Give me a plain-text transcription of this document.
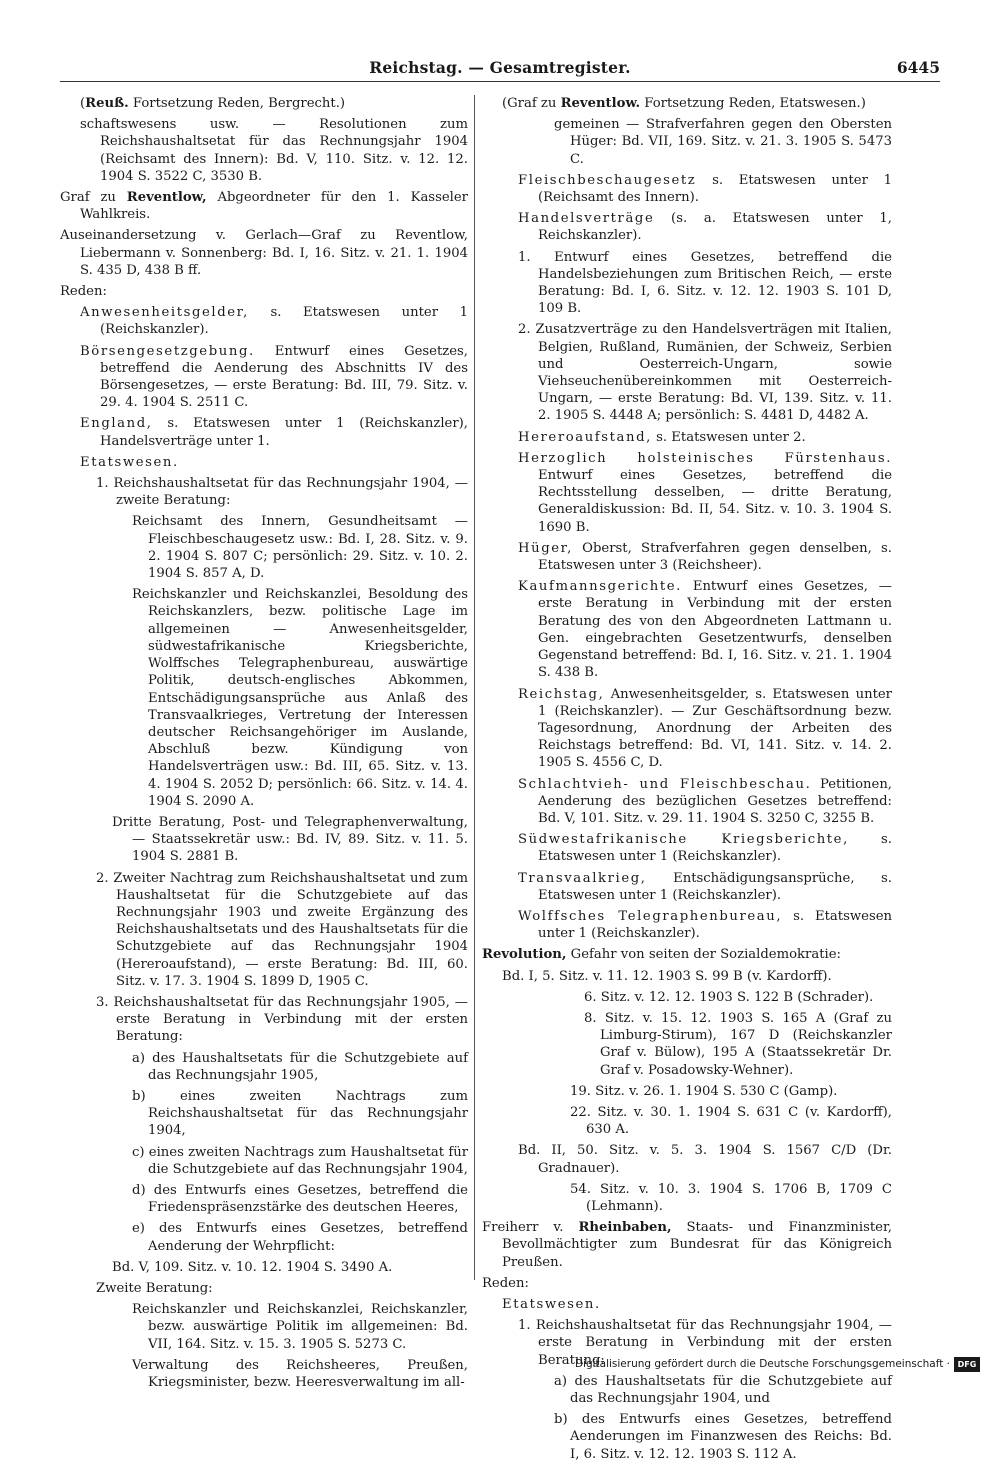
Reichstag. — Gesamtregister.	6445
(Reuß. Fortsetzung Reden, Bergrecht.)
schaftswesens usw. — Resolutionen zum Reichshaushaltsetat für das Rechnungsjahr 1904 (Reichsamt des Innern): Bd. V, 110. Sitz. v. 12. 12. 1904 S. 3522 C, 3530 B.
Graf zu Reventlow, Abgeordneter für den 1. Kasseler Wahlkreis.
Auseinandersetzung v. Gerlach—Graf zu Reventlow, Liebermann v. Sonnenberg: Bd. I, 16. Sitz. v. 21. 1. 1904 S. 435 D, 438 B ff.
Reden:
Anwesenheitsgelder, s. Etatswesen unter 1 (Reichskanzler).
Börsengesetzgebung. Entwurf eines Gesetzes, betreffend die Aenderung des Abschnitts IV des Börsengesetzes, — erste Beratung: Bd. III, 79. Sitz. v. 29. 4. 1904 S. 2511 C.
England, s. Etatswesen unter 1 (Reichskanzler), Handelsverträge unter 1.
Etatswesen.
1. Reichshaushaltsetat für das Rechnungsjahr 1904, — zweite Beratung:
Reichsamt des Innern, Gesundheitsamt — Fleischbeschaugesetz usw.: Bd. I, 28. Sitz. v. 9. 2. 1904 S. 807 C; persönlich: 29. Sitz. v. 10. 2. 1904 S. 857 A, D.
Reichskanzler und Reichskanzlei, Besoldung des Reichskanzlers, bezw. politische Lage im allgemeinen — Anwesenheitsgelder, südwestafrikanische Kriegsberichte, Wolffsches Telegraphenbureau, auswärtige Politik, deutsch-englisches Abkommen, Entschädigungsansprüche aus Anlaß des Transvaalkrieges, Vertretung der Interessen deutscher Reichsangehöriger im Auslande, Abschluß bezw. Kündigung von Handelsverträgen usw.: Bd. III, 65. Sitz. v. 13. 4. 1904 S. 2052 D; persönlich: 66. Sitz. v. 14. 4. 1904 S. 2090 A.
Dritte Beratung, Post- und Telegraphenverwaltung, — Staatssekretär usw.: Bd. IV, 89. Sitz. v. 11. 5. 1904 S. 2881 B.
2. Zweiter Nachtrag zum Reichshaushaltsetat und zum Haushaltsetat für die Schutzgebiete auf das Rechnungsjahr 1903 und zweite Ergänzung des Reichshaushaltsetats und des Haushaltsetats für die Schutzgebiete auf das Rechnungsjahr 1904 (Hereroaufstand), — erste Beratung: Bd. III, 60. Sitz. v. 17. 3. 1904 S. 1899 D, 1905 C.
3. Reichshaushaltsetat für das Rechnungsjahr 1905, — erste Beratung in Verbindung mit der ersten Beratung:
a) des Haushaltsetats für die Schutzgebiete auf das Rechnungsjahr 1905,
b) eines zweiten Nachtrags zum Reichshaushaltsetat für das Rechnungsjahr 1904,
c) eines zweiten Nachtrags zum Haushaltsetat für die Schutzgebiete auf das Rechnungsjahr 1904,
d) des Entwurfs eines Gesetzes, betreffend die Friedenspräsenzstärke des deutschen Heeres,
e) des Entwurfs eines Gesetzes, betreffend Aenderung der Wehrpflicht:
Bd. V, 109. Sitz. v. 10. 12. 1904 S. 3490 A.
Zweite Beratung:
Reichskanzler und Reichskanzlei, Reichskanzler, bezw. auswärtige Politik im allgemeinen: Bd. VII, 164. Sitz. v. 15. 3. 1905 S. 5273 C.
Verwaltung des Reichsheeres, Preußen, Kriegsminister, bezw. Heeresverwaltung im all-
(Graf zu Reventlow. Fortsetzung Reden, Etatswesen.)
gemeinen — Strafverfahren gegen den Obersten Hüger: Bd. VII, 169. Sitz. v. 21. 3. 1905 S. 5473 C.
Fleischbeschaugesetz s. Etatswesen unter 1 (Reichsamt des Innern).
Handelsverträge (s. a. Etatswesen unter 1, Reichskanzler).
1. Entwurf eines Gesetzes, betreffend die Handelsbeziehungen zum Britischen Reich, — erste Beratung: Bd. I, 6. Sitz. v. 12. 12. 1903 S. 101 D, 109 B.
2. Zusatzverträge zu den Handelsverträgen mit Italien, Belgien, Rußland, Rumänien, der Schweiz, Serbien und Oesterreich-Ungarn, sowie Viehseuchenübereinkommen mit Oesterreich-Ungarn, — erste Beratung: Bd. VI, 139. Sitz. v. 11. 2. 1905 S. 4448 A; persönlich: S. 4481 D, 4482 A.
Hereroaufstand, s. Etatswesen unter 2.
Herzoglich holsteinisches Fürstenhaus. Entwurf eines Gesetzes, betreffend die Rechtsstellung desselben, — dritte Beratung, Generaldiskussion: Bd. II, 54. Sitz. v. 10. 3. 1904 S. 1690 B.
Hüger, Oberst, Strafverfahren gegen denselben, s. Etatswesen unter 3 (Reichsheer).
Kaufmannsgerichte. Entwurf eines Gesetzes, — erste Beratung in Verbindung mit der ersten Beratung des von den Abgeordneten Lattmann u. Gen. eingebrachten Gesetzentwurfs, denselben Gegenstand betreffend: Bd. I, 16. Sitz. v. 21. 1. 1904 S. 438 B.
Reichstag, Anwesenheitsgelder, s. Etatswesen unter 1 (Reichskanzler). — Zur Geschäftsordnung bezw. Tagesordnung, Anordnung der Arbeiten des Reichstags betreffend: Bd. VI, 141. Sitz. v. 14. 2. 1905 S. 4556 C, D.
Schlachtvieh- und Fleischbeschau. Petitionen, Aenderung des bezüglichen Gesetzes betreffend: Bd. V, 101. Sitz. v. 29. 11. 1904 S. 3250 C, 3255 B.
Südwestafrikanische Kriegsberichte, s. Etatswesen unter 1 (Reichskanzler).
Transvaalkrieg, Entschädigungsansprüche, s. Etatswesen unter 1 (Reichskanzler).
Wolffsches Telegraphenbureau, s. Etatswesen unter 1 (Reichskanzler).
Revolution, Gefahr von seiten der Sozialdemokratie:
Bd. I, 5. Sitz. v. 11. 12. 1903 S. 99 B (v. Kardorff).
6. Sitz. v. 12. 12. 1903 S. 122 B (Schrader).
8. Sitz. v. 15. 12. 1903 S. 165 A (Graf zu Limburg-Stirum), 167 D (Reichskanzler Graf v. Bülow), 195 A (Staatssekretär Dr. Graf v. Posadowsky-Wehner).
19. Sitz. v. 26. 1. 1904 S. 530 C (Gamp).
22. Sitz. v. 30. 1. 1904 S. 631 C (v. Kardorff), 630 A.
Bd. II, 50. Sitz. v. 5. 3. 1904 S. 1567 C/D (Dr. Gradnauer).
54. Sitz. v. 10. 3. 1904 S. 1706 B, 1709 C (Lehmann).
Freiherr v. Rheinbaben, Staats- und Finanzminister, Bevollmächtigter zum Bundesrat für das Königreich Preußen.
Reden:
Etatswesen.
1. Reichshaushaltsetat für das Rechnungsjahr 1904, — erste Beratung in Verbindung mit der ersten Beratung:
a) des Haushaltsetats für die Schutzgebiete auf das Rechnungsjahr 1904, und
b) des Entwurfs eines Gesetzes, betreffend Aenderungen im Finanzwesen des Reichs: Bd. I, 6. Sitz. v. 12. 12. 1903 S. 112 A.
Digitalisierung gefördert durch die Deutsche Forschungsgemeinschaft · DFG
